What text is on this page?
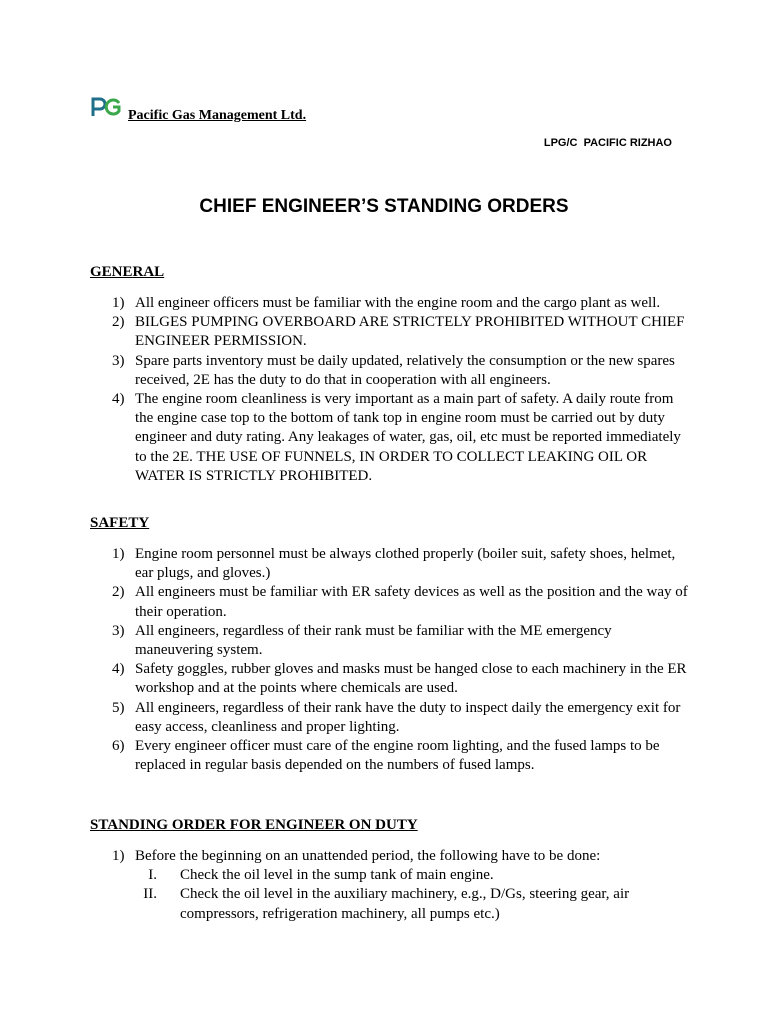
Pacific Gas Management Ltd.
LPG/C  PACIFIC RIZHAO
CHIEF ENGINEER’S STANDING ORDERS
GENERAL
1) All engineer officers must be familiar with the engine room and the cargo plant as well.
2) BILGES PUMPING OVERBOARD ARE STRICTELY PROHIBITED WITHOUT CHIEF ENGINEER PERMISSION.
3) Spare parts inventory must be daily updated, relatively the consumption or the new spares received, 2E has the duty to do that in cooperation with all engineers.
4) The engine room cleanliness is very important as a main part of safety. A daily route from the engine case top to the bottom of tank top in engine room must be carried out by duty engineer and duty rating. Any leakages of water, gas, oil, etc must be reported immediately to the 2E. THE USE OF FUNNELS, IN ORDER TO COLLECT LEAKING OIL OR WATER IS STRICTLY PROHIBITED.
SAFETY
1) Engine room personnel must be always clothed properly (boiler suit, safety shoes, helmet, ear plugs, and gloves.)
2) All engineers must be familiar with ER safety devices as well as the position and the way of their operation.
3) All engineers, regardless of their rank must be familiar with the ME emergency maneuvering system.
4) Safety goggles, rubber gloves and masks must be hanged close to each machinery in the ER workshop and at the points where chemicals are used.
5) All engineers, regardless of their rank have the duty to inspect daily the emergency exit for easy access, cleanliness and proper lighting.
6) Every engineer officer must care of the engine room lighting, and the fused lamps to be replaced in regular basis depended on the numbers of fused lamps.
STANDING ORDER FOR ENGINEER ON DUTY
1) Before the beginning on an unattended period, the following have to be done:
I. Check the oil level in the sump tank of main engine.
II. Check the oil level in the auxiliary machinery, e.g., D/Gs, steering gear, air compressors, refrigeration machinery, all pumps etc.)
